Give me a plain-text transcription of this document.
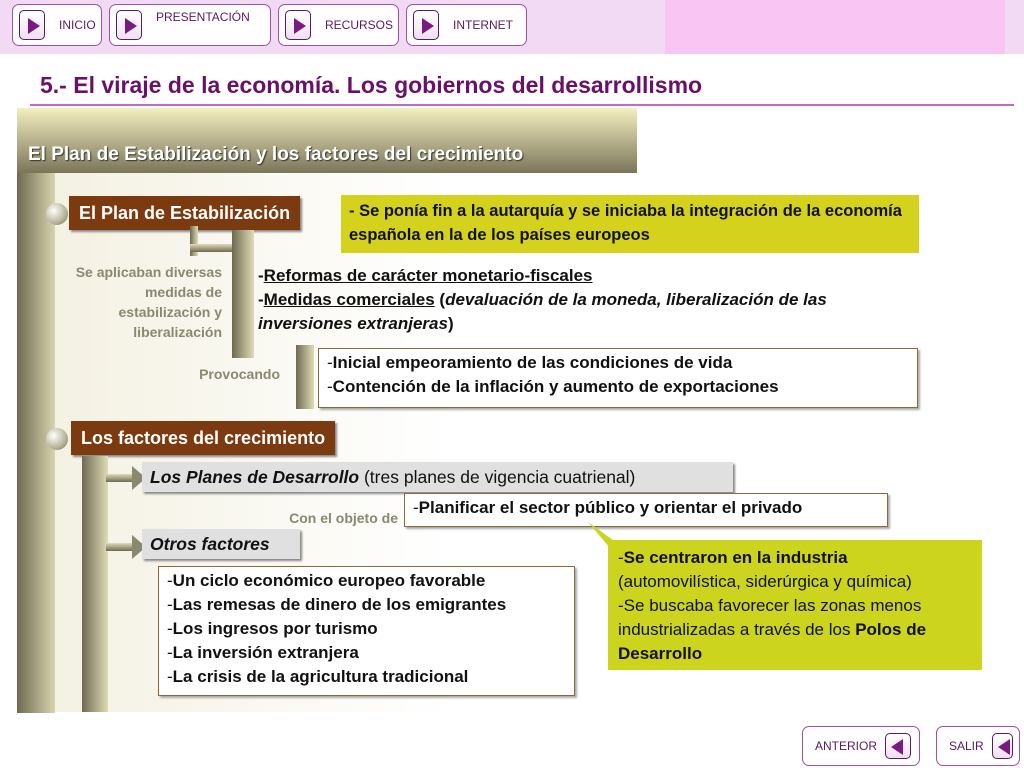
INICIO
PRESENTACIÓN
RECURSOS	INTERNET
5.- El viraje de la economía. Los gobiernos del desarrollismo
El Plan de Estabilización y los factores del crecimiento
El Plan de Estabilización	- Se ponía fin a la autarquía y se iniciaba la integración de la economía española en la de los países europeos
Se aplicaban diversas medidas de estabilización y liberalización
-Reformas de carácter monetario-fiscales
-Medidas comerciales (devaluación de la moneda, liberalización de las inversiones extranjeras)
Provocando
-Inicial empeoramiento de las condiciones de vida
-Contención de la inflación y aumento de exportaciones
Los factores del crecimiento
Los Planes de Desarrollo (tres planes de vigencia cuatrienal)
Con el objeto de
-Planificar el sector público y orientar el privado
Otros factores
-Un ciclo económico europeo favorable
-Las remesas de dinero de los emigrantes
-Los ingresos por turismo
-La inversión extranjera
-La crisis de la agricultura tradicional
-Se centraron en la industria (automovilística, siderúrgica y química)
-Se buscaba favorecer las zonas menos industrializadas a través de los Polos de Desarrollo
ANTERIOR	SALIR
